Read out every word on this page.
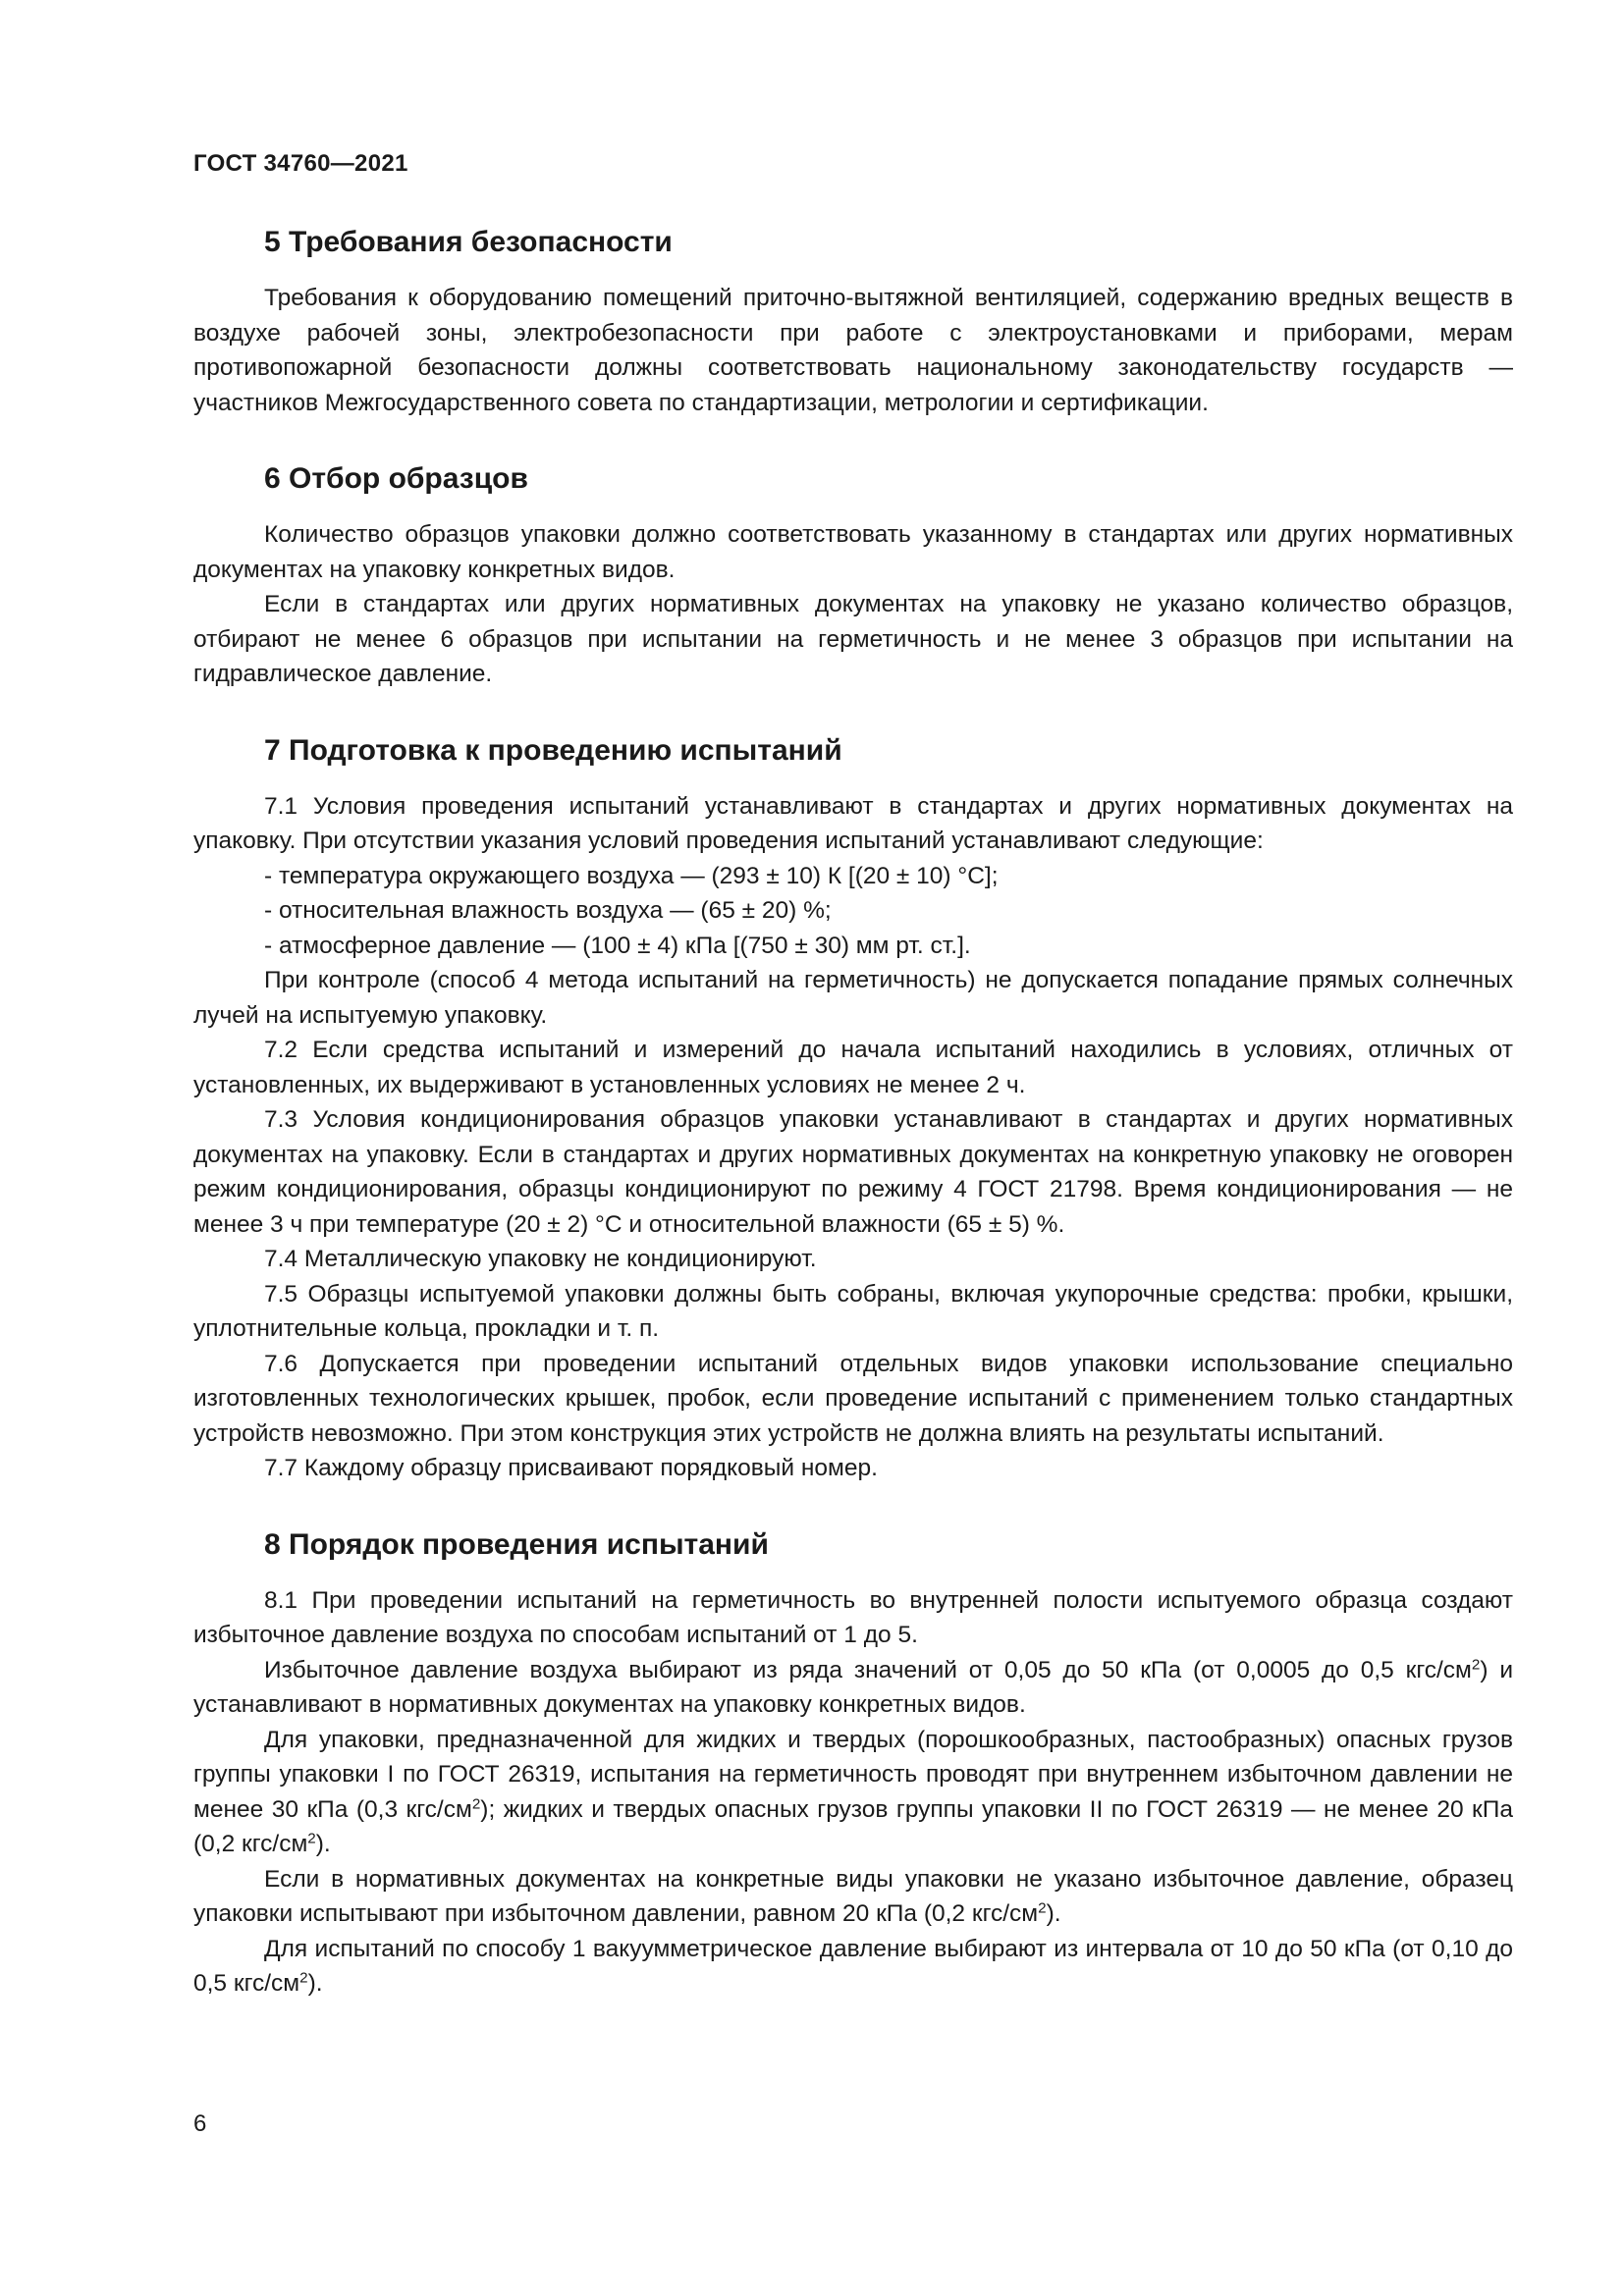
ГОСТ 34760—2021
5 Требования безопасности
Требования к оборудованию помещений приточно-вытяжной вентиляцией, содержанию вредных веществ в воздухе рабочей зоны, электробезопасности при работе с электроустановками и приборами, мерам противопожарной безопасности должны соответствовать национальному законодательству государств — участников Межгосударственного совета по стандартизации, метрологии и сертификации.
6 Отбор образцов
Количество образцов упаковки должно соответствовать указанному в стандартах или других нормативных документах на упаковку конкретных видов.
Если в стандартах или других нормативных документах на упаковку не указано количество образцов, отбирают не менее 6 образцов при испытании на герметичность и не менее 3 образцов при испытании на гидравлическое давление.
7 Подготовка к проведению испытаний
7.1 Условия проведения испытаний устанавливают в стандартах и других нормативных документах на упаковку. При отсутствии указания условий проведения испытаний устанавливают следующие:
- температура окружающего воздуха — (293 ± 10) К [(20 ± 10) °С];
- относительная влажность воздуха — (65 ± 20) %;
- атмосферное давление — (100 ± 4) кПа [(750 ± 30) мм рт. ст.].
При контроле (способ 4 метода испытаний на герметичность) не допускается попадание прямых солнечных лучей на испытуемую упаковку.
7.2 Если средства испытаний и измерений до начала испытаний находились в условиях, отличных от установленных, их выдерживают в установленных условиях не менее 2 ч.
7.3 Условия кондиционирования образцов упаковки устанавливают в стандартах и других нормативных документах на упаковку. Если в стандартах и других нормативных документах на конкретную упаковку не оговорен режим кондиционирования, образцы кондиционируют по режиму 4 ГОСТ 21798. Время кондиционирования — не менее 3 ч при температуре (20 ± 2) °С и относительной влажности (65 ± 5) %.
7.4 Металлическую упаковку не кондиционируют.
7.5 Образцы испытуемой упаковки должны быть собраны, включая укупорочные средства: пробки, крышки, уплотнительные кольца, прокладки и т. п.
7.6 Допускается при проведении испытаний отдельных видов упаковки использование специально изготовленных технологических крышек, пробок, если проведение испытаний с применением только стандартных устройств невозможно. При этом конструкция этих устройств не должна влиять на результаты испытаний.
7.7 Каждому образцу присваивают порядковый номер.
8 Порядок проведения испытаний
8.1 При проведении испытаний на герметичность во внутренней полости испытуемого образца создают избыточное давление воздуха по способам испытаний от 1 до 5.
Избыточное давление воздуха выбирают из ряда значений от 0,05 до 50 кПа (от 0,0005 до 0,5 кгс/$см^2$) и устанавливают в нормативных документах на упаковку конкретных видов.
Для упаковки, предназначенной для жидких и твердых (порошкообразных, пастообразных) опасных грузов группы упаковки I по ГОСТ 26319, испытания на герметичность проводят при внутреннем избыточном давлении не менее 30 кПа (0,3 кгс/$см^2$); жидких и твердых опасных грузов группы упаковки II по ГОСТ 26319 — не менее 20 кПа (0,2 кгс/$см^2$).
Если в нормативных документах на конкретные виды упаковки не указано избыточное давление, образец упаковки испытывают при избыточном давлении, равном 20 кПа (0,2 кгс/$см^2$).
Для испытаний по способу 1 вакуумметрическое давление выбирают из интервала от 10 до 50 кПа (от 0,10 до 0,5 кгс/$см^2$).
6
